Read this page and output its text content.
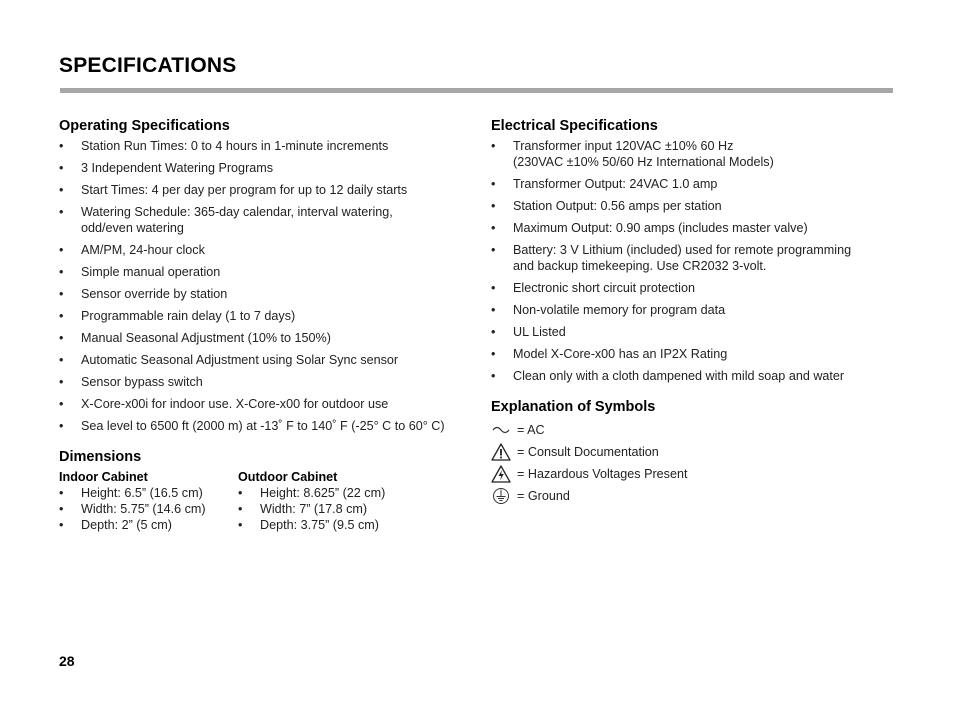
SPECIFICATIONS
Operating Specifications
• Station Run Times: 0 to 4 hours in 1-minute increments
• 3 Independent Watering Programs
• Start Times: 4 per day per program for up to 12 daily starts
• Watering Schedule: 365-day calendar, interval watering,
odd/even watering
• AM/PM, 24-hour clock
• Simple manual operation
• Sensor override by station
• Programmable rain delay (1 to 7 days)
• Manual Seasonal Adjustment (10% to 150%)
• Automatic Seasonal Adjustment using Solar Sync sensor
• Sensor bypass switch
• X-Core-x00i for indoor use. X-Core-x00 for outdoor use
• Sea level to 6500 ft (2000 m) at -13˚ F to 140˚ F (-25° C to 60° C)
Dimensions
Indoor Cabinet
• Height: 6.5” (16.5 cm)
• Width: 5.75” (14.6 cm)
• Depth: 2” (5 cm)
Outdoor Cabinet
• Height: 8.625” (22 cm)
• Width: 7” (17.8 cm)
• Depth: 3.75” (9.5 cm)
Electrical Specifications
• Transformer input 120VAC ±10% 60 Hz
(230VAC ±10% 50/60 Hz International Models)
• Transformer Output: 24VAC 1.0 amp
• Station Output: 0.56 amps per station
• Maximum Output: 0.90 amps (includes master valve)
• Battery: 3 V Lithium (included) used for remote programming
and backup timekeeping. Use CR2032 3-volt.
• Electronic short circuit protection
• Non-volatile memory for program data
• UL Listed
• Model X-Core-x00 has an IP2X Rating
• Clean only with a cloth dampened with mild soap and water
Explanation of Symbols
= AC
= Consult Documentation
= Hazardous Voltages Present
= Ground
28
